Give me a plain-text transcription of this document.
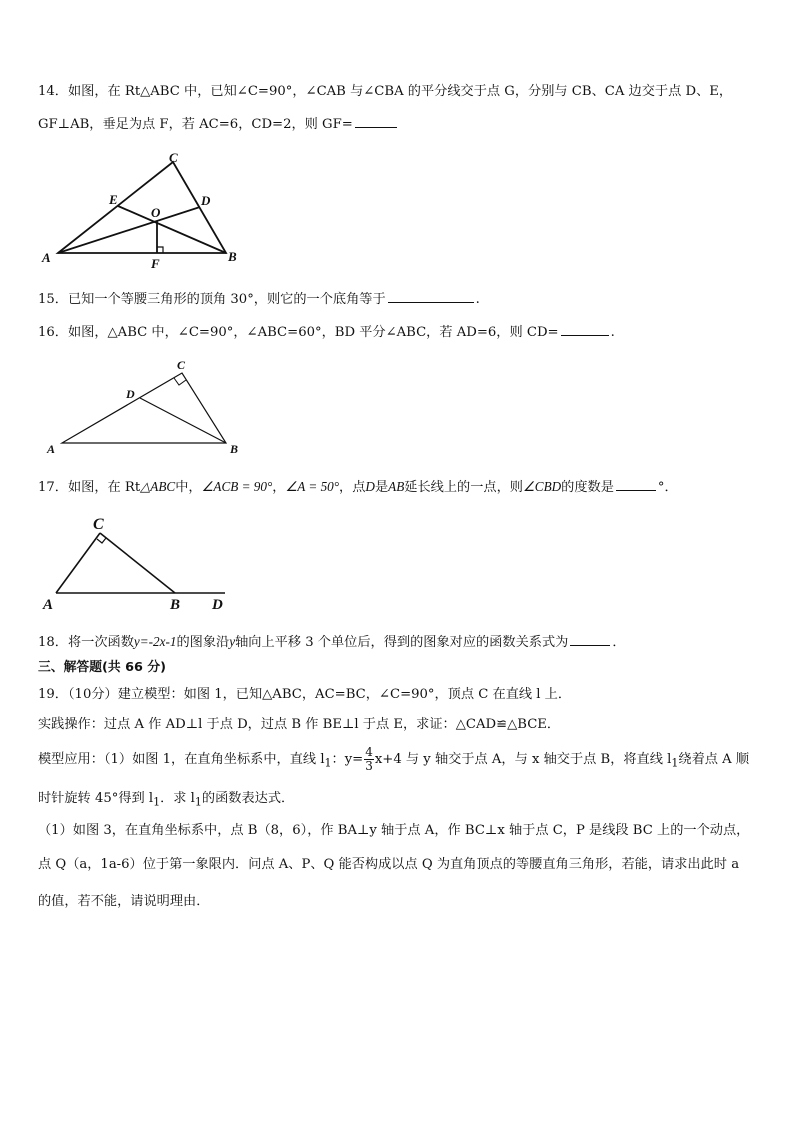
14．如图，在 Rt△ABC 中，已知∠C=90°，∠CAB 与∠CBA 的平分线交于点 G，分别与 CB、CA 边交于点 D、E，
GF⊥AB，垂足为点 F，若 AC=6，CD=2，则 GF=
C
E	D
O
A	F	B
15．已知一个等腰三角形的顶角 30°，则它的一个底角等于	.
16．如图，△ABC 中，∠C=90°，∠ABC=60°，BD 平分∠ABC，若 AD=6，则 CD=	.
C
D
A	B
17．如图，在 Rt△ABC中，∠ACB = 90°，∠A = 50°，点D是AB延长线上的一点，则∠CBD的度数是	°．
C
A	B D
18．将一次函数y=-2x-1的图象沿y轴向上平移 3 个单位后，得到的图象对应的函数关系式为	．
三、解答题(共 66 分)
19．（10分）建立模型：如图 1，已知△ABC，AC=BC，∠C=90°，顶点 C 在直线 l 上．
实践操作：过点 A 作 AD⊥l 于点 D，过点 B 作 BE⊥l 于点 E，求证：△CAD≌△BCE．
模型应用：（1）如图 1，在直角坐标系中，直线 $l_1$：$y= \frac{4}{3} x+4$ 与 y 轴交于点 A，与 x 轴交于点 B，将直线 $l_1$绕着点 A 顺
时针旋转 45°得到 $l_1$．求 $l_1$的函数表达式．
（1）如图 3，在直角坐标系中，点 B（8，6），作 BA⊥y 轴于点 A，作 BC⊥x 轴于点 C，P 是线段 BC 上的一个动点，
点 Q（a，1a-6）位于第一象限内．问点 A、P、Q 能否构成以点 Q 为直角顶点的等腰直角三角形，若能，请求出此时 a
的值，若不能，请说明理由．
